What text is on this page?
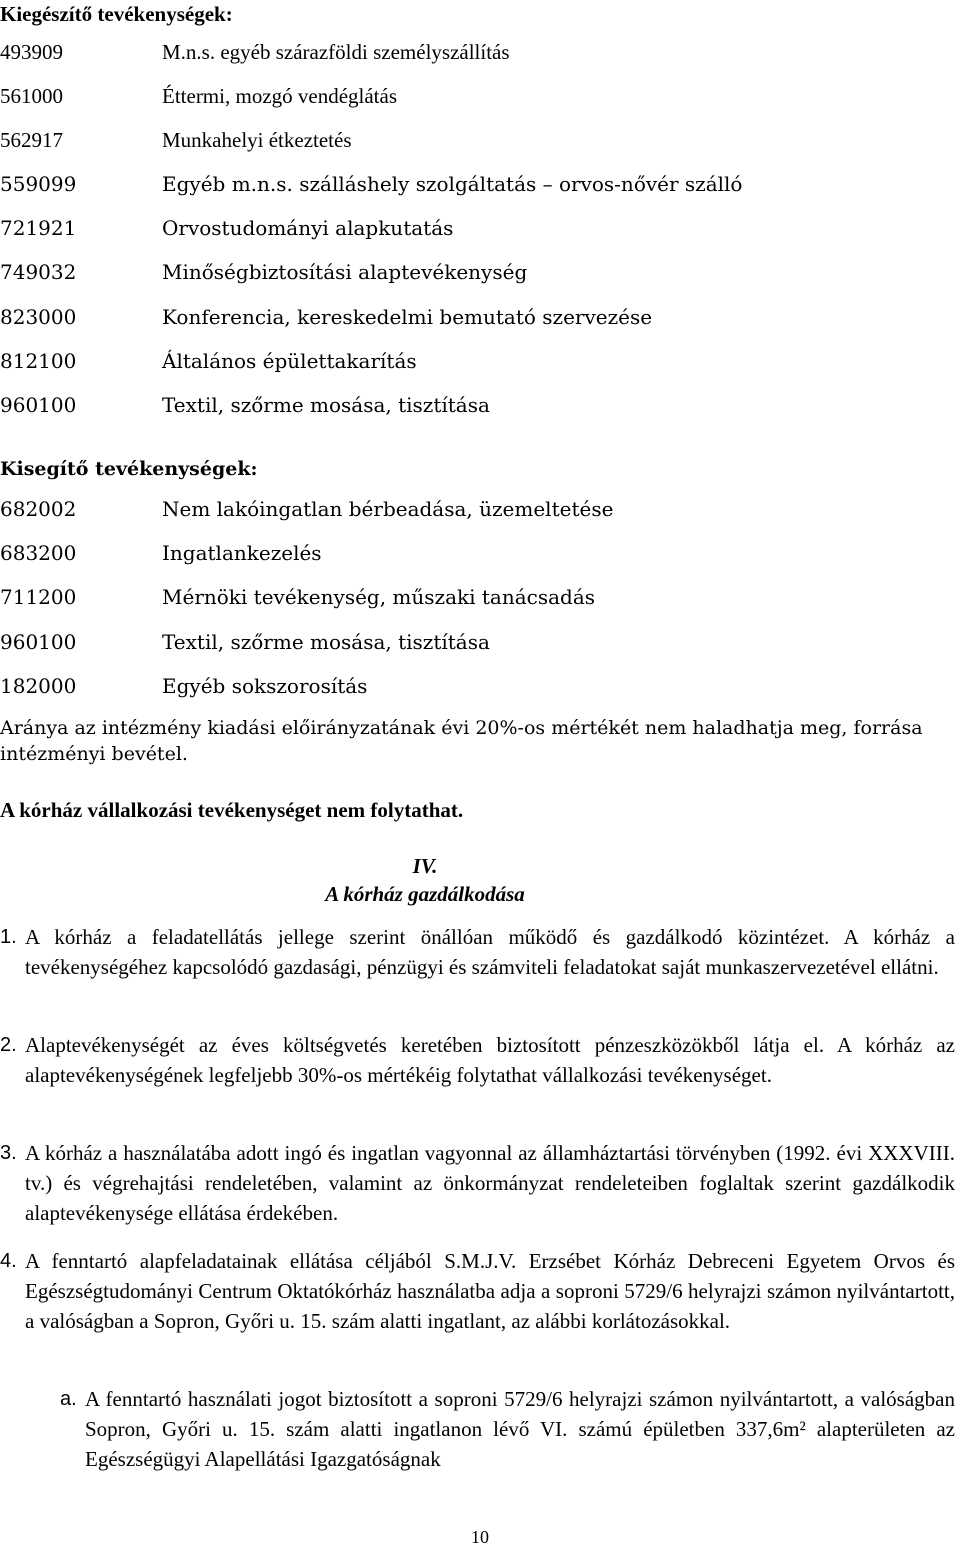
Kiegészítő tevékenységek:
493909	M.n.s. egyéb szárazföldi személyszállítás
561000	Éttermi, mozgó vendéglátás
562917	Munkahelyi étkeztetés
559099	Egyéb m.n.s. szálláshely szolgáltatás – orvos-nővér szálló
721921	Orvostudományi alapkutatás
749032	Minőségbiztosítási alaptevékenység
823000	Konferencia, kereskedelmi bemutató szervezése
812100	Általános épülettakarítás
960100	Textil, szőrme mosása, tisztítása
Kisegítő tevékenységek:
682002	Nem lakóingatlan bérbeadása, üzemeltetése
683200	Ingatlankezelés
711200	Mérnöki tevékenység, műszaki tanácsadás
960100	Textil, szőrme mosása, tisztítása
182000	Egyéb sokszorosítás
Aránya az intézmény kiadási előirányzatának évi 20%-os mértékét nem haladhatja meg, forrása intézményi bevétel.
A kórház vállalkozási tevékenységet nem folytathat.
IV.
A kórház gazdálkodása
1. A kórház a feladatellátás jellege szerint önállóan működő és gazdálkodó közintézet. A kórház a tevékenységéhez kapcsolódó gazdasági, pénzügyi és számviteli feladatokat saját munkaszervezetével ellátni.
2. Alaptevékenységét az éves költségvetés keretében biztosított pénzeszközökből látja el. A kórház az alaptevékenységének legfeljebb 30%-os mértékéig folytathat vállalkozási tevékenységet.
3. A kórház a használatába adott ingó és ingatlan vagyonnal az államháztartási törvényben (1992. évi XXXVIII. tv.) és végrehajtási rendeletében, valamint az önkormányzat rendeleteiben foglaltak szerint gazdálkodik alaptevékenysége ellátása érdekében.
4. A fenntartó alapfeladatainak ellátása céljából S.M.J.V. Erzsébet Kórház Debreceni Egyetem Orvos és Egészségtudományi Centrum Oktatókórház használatba adja a soproni 5729/6 helyrajzi számon nyilvántartott, a valóságban a Sopron, Győri u. 15. szám alatti ingatlant, az alábbi korlátozásokkal.
a. A fenntartó használati jogot biztosított a soproni 5729/6 helyrajzi számon nyilvántartott, a valóságban Sopron, Győri u. 15. szám alatti ingatlanon lévő VI. számú épületben 337,6m² alapterületen az Egészségügyi Alapellátási Igazgatóságnak
10
